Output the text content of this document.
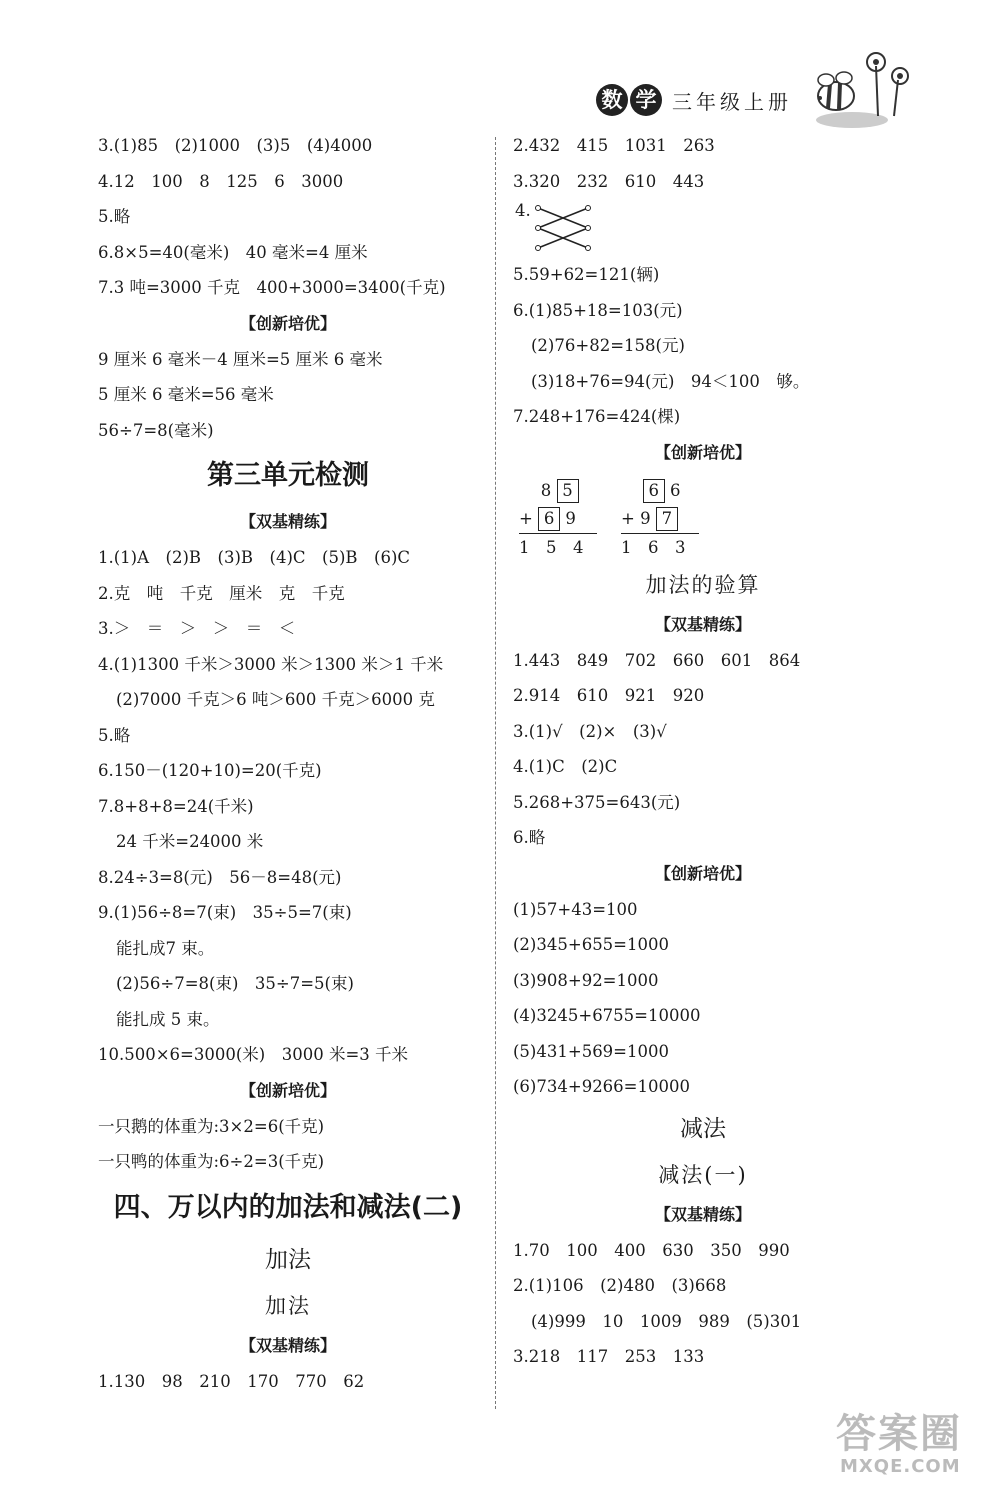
数 学 三年级上册
3.(1)85　(2)1000　(3)5　(4)4000
4.12　100　8　125　6　3000
5.略
6.8×5=40(毫米)　40 毫米=4 厘米
7.3 吨=3000 千克　400+3000=3400(千克)
【创新培优】
9 厘米 6 毫米－4 厘米=5 厘米 6 毫米
5 厘米 6 毫米=56 毫米
56÷7=8(毫米)
第三单元检测
【双基精练】
1.(1)A　(2)B　(3)B　(4)C　(5)B　(6)C
2.克　吨　千克　厘米　克　千克
3.＞　＝　＞　＞　＝　＜
4.(1)1300 千米＞3000 米＞1300 米＞1 千米
(2)7000 千克＞6 吨＞600 千克＞6000 克
5.略
6.150－(120+10)=20(千克)
7.8+8+8=24(千米)
24 千米=24000 米
8.24÷3=8(元)　56－8=48(元)
9.(1)56÷8=7(束)　35÷5=7(束)
能扎成7 束。
(2)56÷7=8(束)　35÷7=5(束)
能扎成 5 束。
10.500×6=3000(米)　3000 米=3 千米
【创新培优】
一只鹅的体重为:3×2=6(千克)
一只鸭的体重为:6÷2=3(千克)
四、万以内的加法和减法(二)
加法
加法
【双基精练】
1.130　98　210　170　770　62
2.432　415　1031　263
3.320　232　610　443
4.
5.59+62=121(辆)
6.(1)85+18=103(元)
(2)76+82=158(元)
(3)18+76=94(元)　94＜100　够。
7.248+176=424(棵)
【创新培优】
　 8 5
+ 6 9
1　5　4
　 6 6
+ 9 7
1　6　3
加法的验算
【双基精练】
1.443　849　702　660　601　864
2.914　610　921　920
3.(1)√　(2)×　(3)√
4.(1)C　(2)C
5.268+375=643(元)
6.略
【创新培优】
(1)57+43=100
(2)345+655=1000
(3)908+92=1000
(4)3245+6755=10000
(5)431+569=1000
(6)734+9266=10000
减法
减法(一)
【双基精练】
1.70　100　400　630　350　990
2.(1)106　(2)480　(3)668
(4)999　10　1009　989　(5)301
3.218　117　253　133
答案圈
MXQE.COM
